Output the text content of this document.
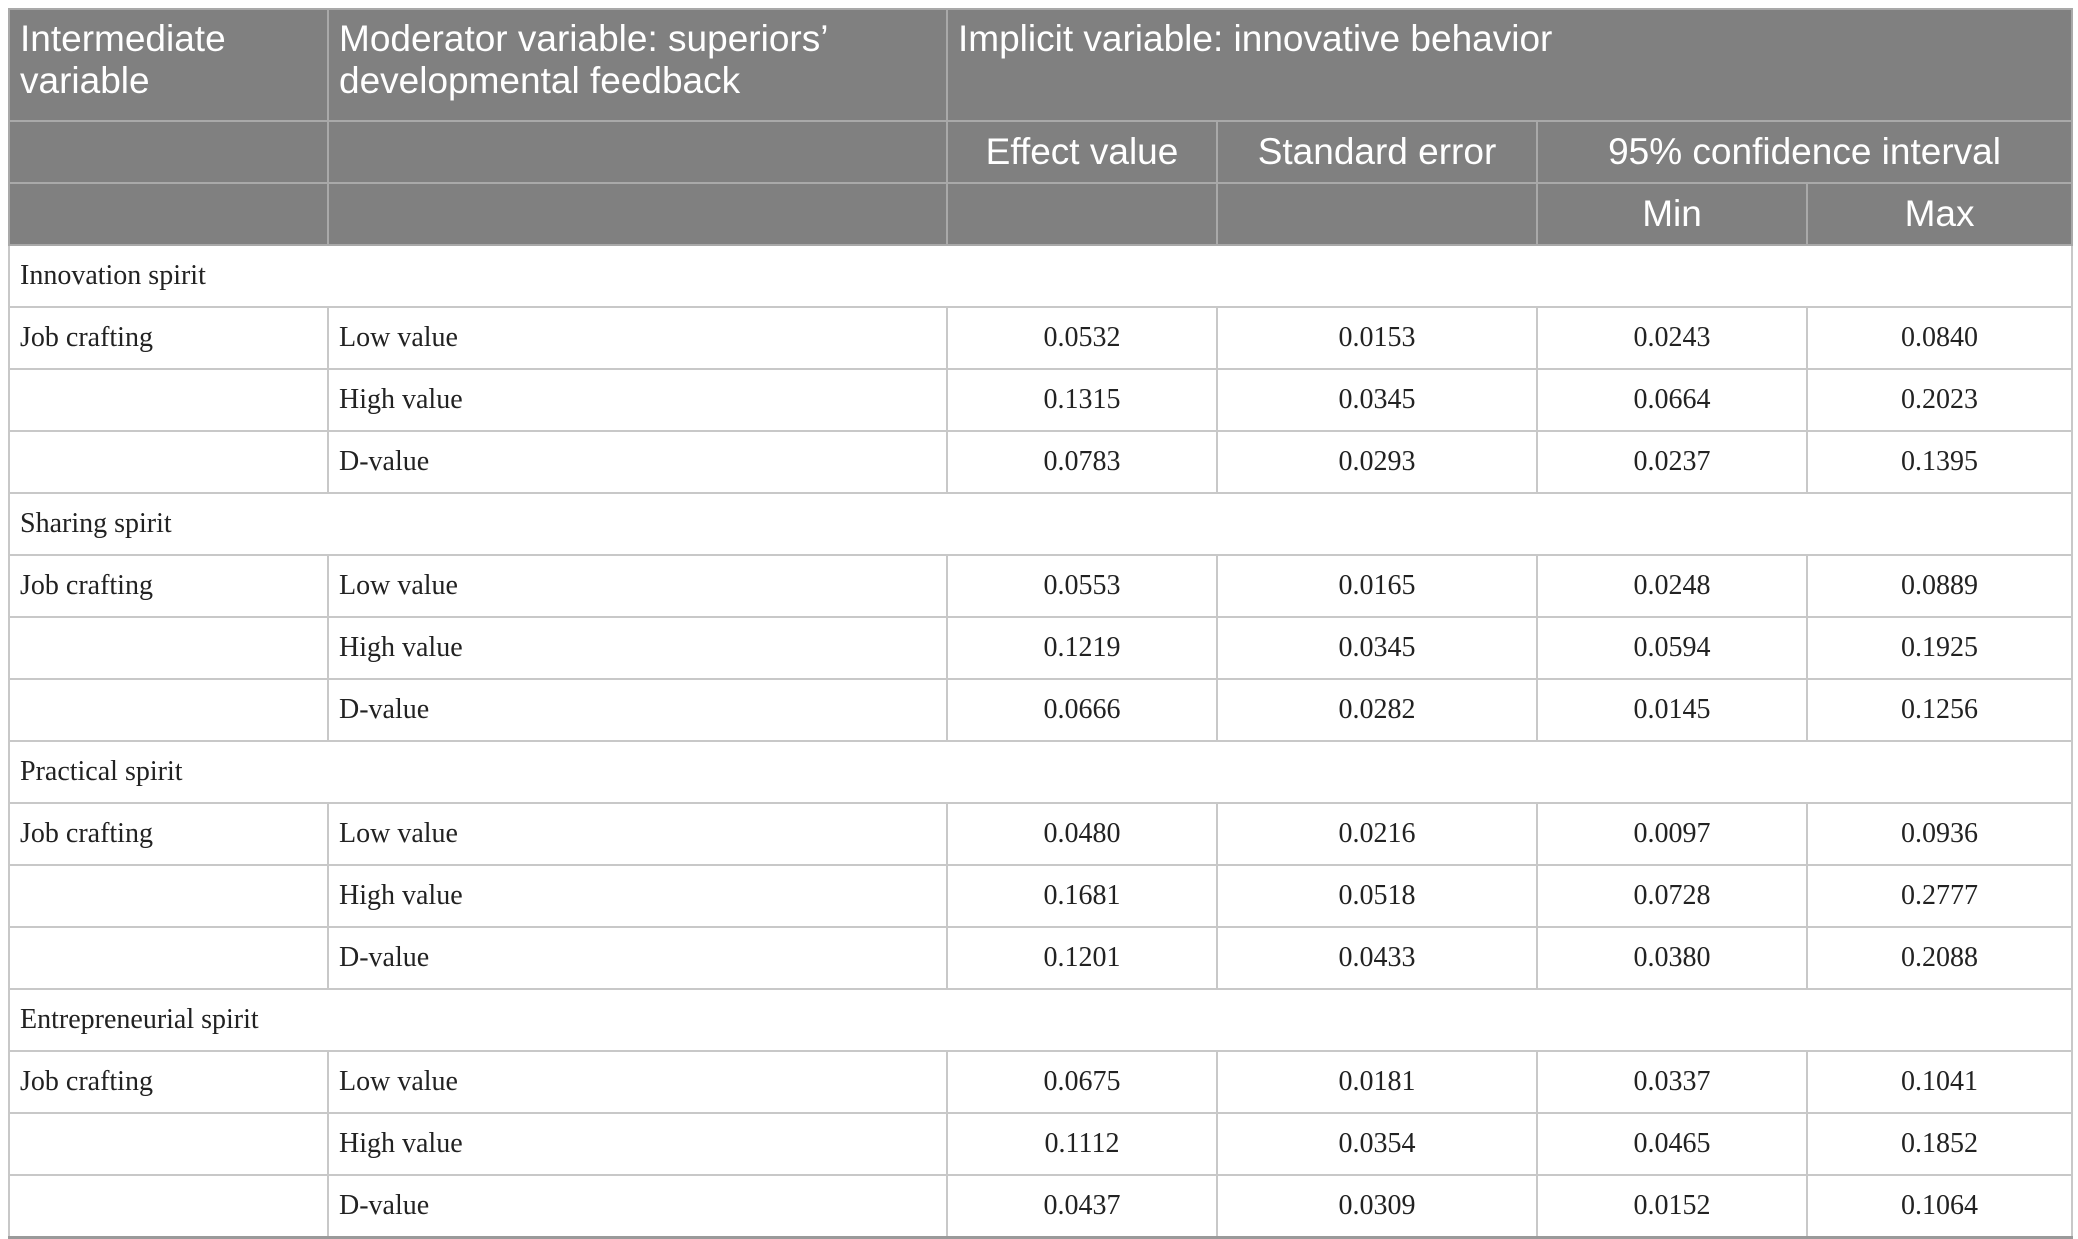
Intermediate variable	Moderator variable: superiors’ developmental feedback	Implicit variable: innovative behavior			
		Effect value	Standard error	95% confidence interval	
				Min	Max
Innovation spirit					
Job crafting	Low value	0.0532	0.0153	0.0243	0.0840
	High value	0.1315	0.0345	0.0664	0.2023
	D-value	0.0783	0.0293	0.0237	0.1395
Sharing spirit					
Job crafting	Low value	0.0553	0.0165	0.0248	0.0889
	High value	0.1219	0.0345	0.0594	0.1925
	D-value	0.0666	0.0282	0.0145	0.1256
Practical spirit					
Job crafting	Low value	0.0480	0.0216	0.0097	0.0936
	High value	0.1681	0.0518	0.0728	0.2777
	D-value	0.1201	0.0433	0.0380	0.2088
Entrepreneurial spirit					
Job crafting	Low value	0.0675	0.0181	0.0337	0.1041
	High value	0.1112	0.0354	0.0465	0.1852
	D-value	0.0437	0.0309	0.0152	0.1064
